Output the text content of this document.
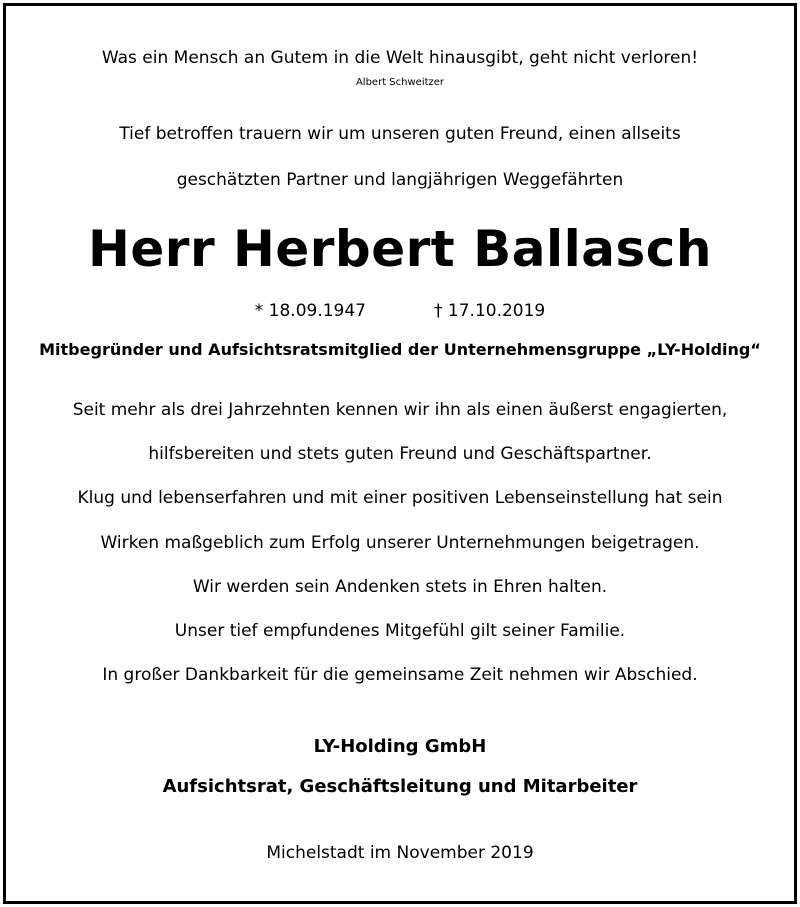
Was ein Mensch an Gutem in die Welt hinausgibt, geht nicht verloren!
Albert Schweitzer
Tief betroffen trauern wir um unseren guten Freund, einen allseits
geschätzten Partner und langjährigen Weggefährten
Herr Herbert Ballasch
* 18.09.1947	† 17.10.2019
Mitbegründer und Aufsichtsratsmitglied der Unternehmensgruppe „LY-Holding“
Seit mehr als drei Jahrzehnten kennen wir ihn als einen äußerst engagierten,
hilfsbereiten und stets guten Freund und Geschäftspartner.
Klug und lebenserfahren und mit einer positiven Lebenseinstellung hat sein
Wirken maßgeblich zum Erfolg unserer Unternehmungen beigetragen.
Wir werden sein Andenken stets in Ehren halten.
Unser tief empfundenes Mitgefühl gilt seiner Familie.
In großer Dankbarkeit für die gemeinsame Zeit nehmen wir Abschied.
LY-Holding GmbH
Aufsichtsrat, Geschäftsleitung und Mitarbeiter
Michelstadt im November 2019
